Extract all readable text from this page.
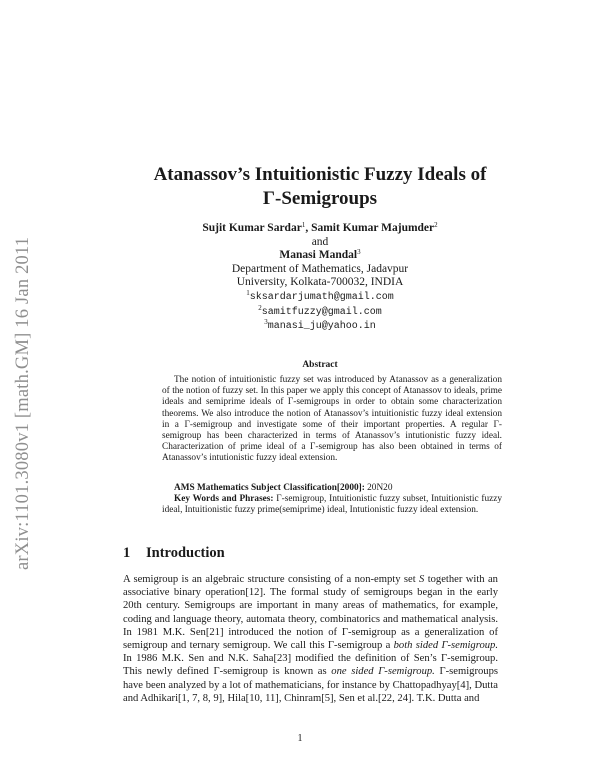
arXiv:1101.3080v1 [math.GM] 16 Jan 2011
Atanassov’s Intuitionistic Fuzzy Ideals of
Γ-Semigroups
Sujit Kumar Sardar$^1$, Samit Kumar Majumder$^2$
and
Manasi Mandal$^3$
Department of Mathematics, Jadavpur
University, Kolkata-700032, INDIA
$^1$sksardarjumath@gmail.com
$^2$samitfuzzy@gmail.com
$^3$manasi_ju@yahoo.in
Abstract

The notion of intuitionistic fuzzy set was introduced by Atanassov as a generalization of the notion of fuzzy set. In this paper we apply this concept of Atanassov to ideals, prime ideals and semiprime ideals of Γ-semigroups in order to obtain some characterization theorems. We also introduce the notion of Atanassov’s intuitionistic fuzzy ideal extension in a Γ-semigroup and investigate some of their important properties. A regular Γ-semigroup has been characterized in terms of Atanassov’s intutionistic fuzzy ideal. Characterization of prime ideal of a Γ-semigroup has also been obtained in terms of Atanassov’s intutionistic fuzzy ideal extension.

AMS Mathematics Subject Classification[2000]: 20N20

Key Words and Phrases: Γ-semigroup, Intuitionistic fuzzy subset, Intuitionistic fuzzy ideal, Intuitionistic fuzzy prime(semiprime) ideal, Intutionistic fuzzy ideal extension.

1 Introduction

A semigroup is an algebraic structure consisting of a non-empty set S together with an associative binary operation[12]. The formal study of semigroups began in the early 20th century. Semigroups are important in many areas of mathematics, for example, coding and language theory, automata theory, combinatorics and mathematical analysis. In 1981 M.K. Sen[21] introduced the notion of Γ-semigroup as a generalization of semigroup and ternary semigroup. We call this Γ-semigroup a both sided Γ-semigroup. In 1986 M.K. Sen and N.K. Saha[23] modified the definition of Sen’s Γ-semigroup. This newly defined Γ-semigroup is known as one sided Γ-semigroup. Γ-semigroups have been analyzed by a lot of mathematicians, for instance by Chattopadhyay[4], Dutta and Adhikari[1, 7, 8, 9], Hila[10, 11], Chinram[5], Sen et al.[22, 24]. T.K. Dutta and

1
